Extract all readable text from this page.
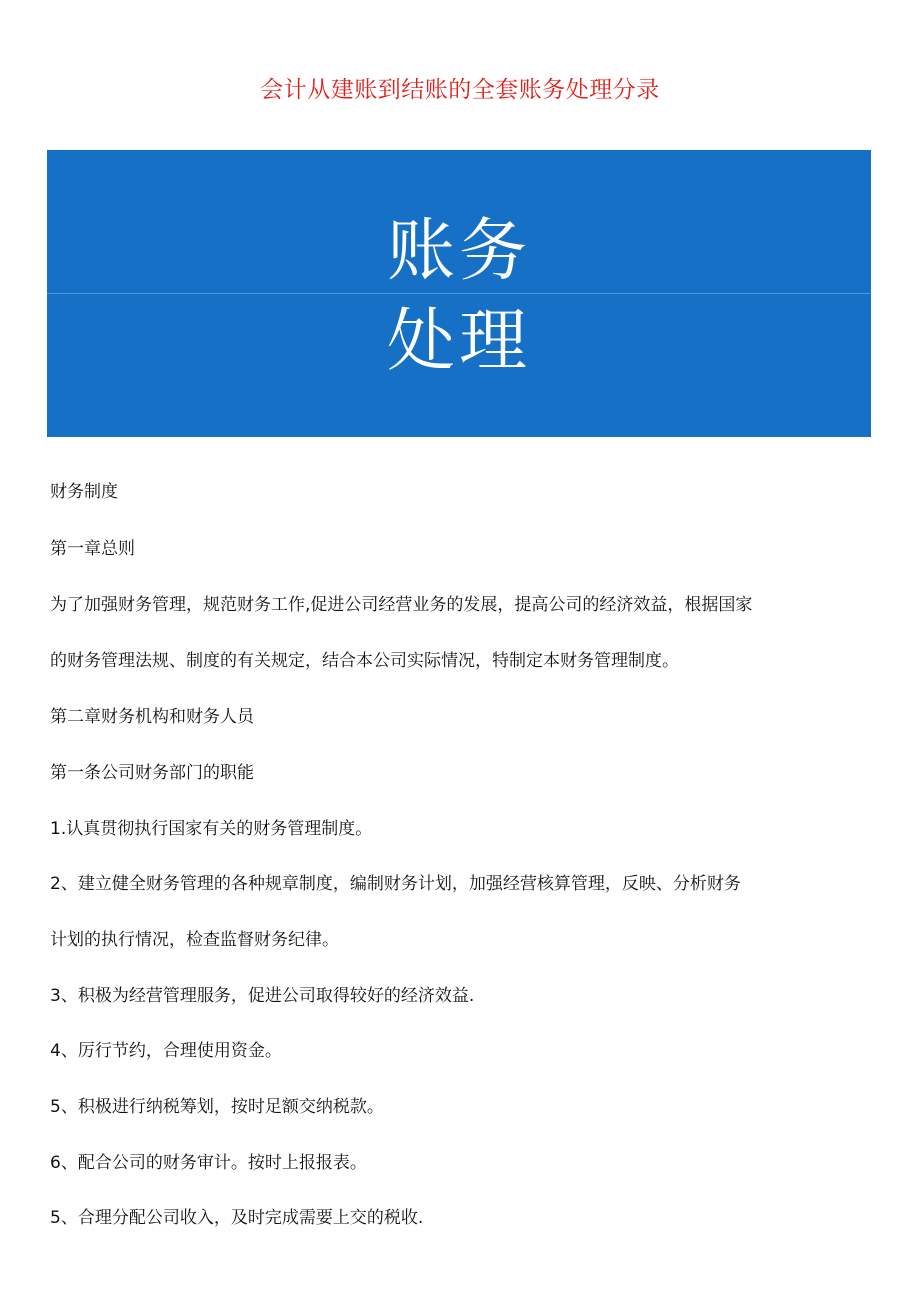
会计从建账到结账的全套账务处理分录
账务
处理
财务制度
第一章总则
为了加强财务管理，规范财务工作,促进公司经营业务的发展，提高公司的经济效益，根据国家
的财务管理法规、制度的有关规定，结合本公司实际情况，特制定本财务管理制度。
第二章财务机构和财务人员
第一条公司财务部门的职能
1.认真贯彻执行国家有关的财务管理制度。
2、建立健全财务管理的各种规章制度，编制财务计划，加强经营核算管理，反映、分析财务
计划的执行情况，检查监督财务纪律。
3、积极为经营管理服务，促进公司取得较好的经济效益.
4、厉行节约，合理使用资金。
5、积极进行纳税筹划，按时足额交纳税款。
6、配合公司的财务审计。按时上报报表。
5、合理分配公司收入，及时完成需要上交的税收.
